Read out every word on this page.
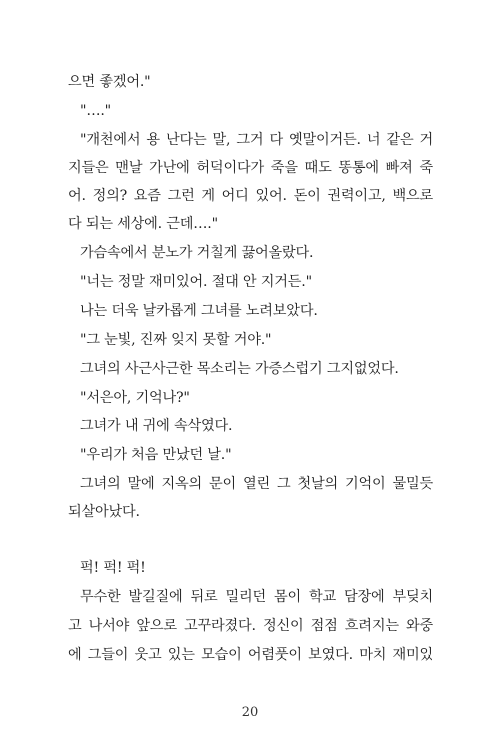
으면 좋겠어."
"…."
"개천에서 용 난다는 말, 그거 다 옛말이거든. 너 같은 거
지들은 맨날 가난에 허덕이다가 죽을 때도 똥통에 빠져 죽
어. 정의? 요즘 그런 게 어디 있어. 돈이 권력이고, 백으로
다 되는 세상에. 근데…."
가슴속에서 분노가 거칠게 끓어올랐다.
"너는 정말 재미있어. 절대 안 지거든."
나는 더욱 날카롭게 그녀를 노려보았다.
"그 눈빛, 진짜 잊지 못할 거야."
그녀의 사근사근한 목소리는 가증스럽기 그지없었다.
"서은아, 기억나?"
그녀가 내 귀에 속삭였다.
"우리가 처음 만났던 날."
그녀의 말에 지옥의 문이 열린 그 첫날의 기억이 물밀듯
되살아났다.
퍽! 퍽! 퍽!
무수한 발길질에 뒤로 밀리던 몸이 학교 담장에 부딪치
고 나서야 앞으로 고꾸라졌다. 정신이 점점 흐려지는 와중
에 그들이 웃고 있는 모습이 어렴풋이 보였다. 마치 재미있
20
